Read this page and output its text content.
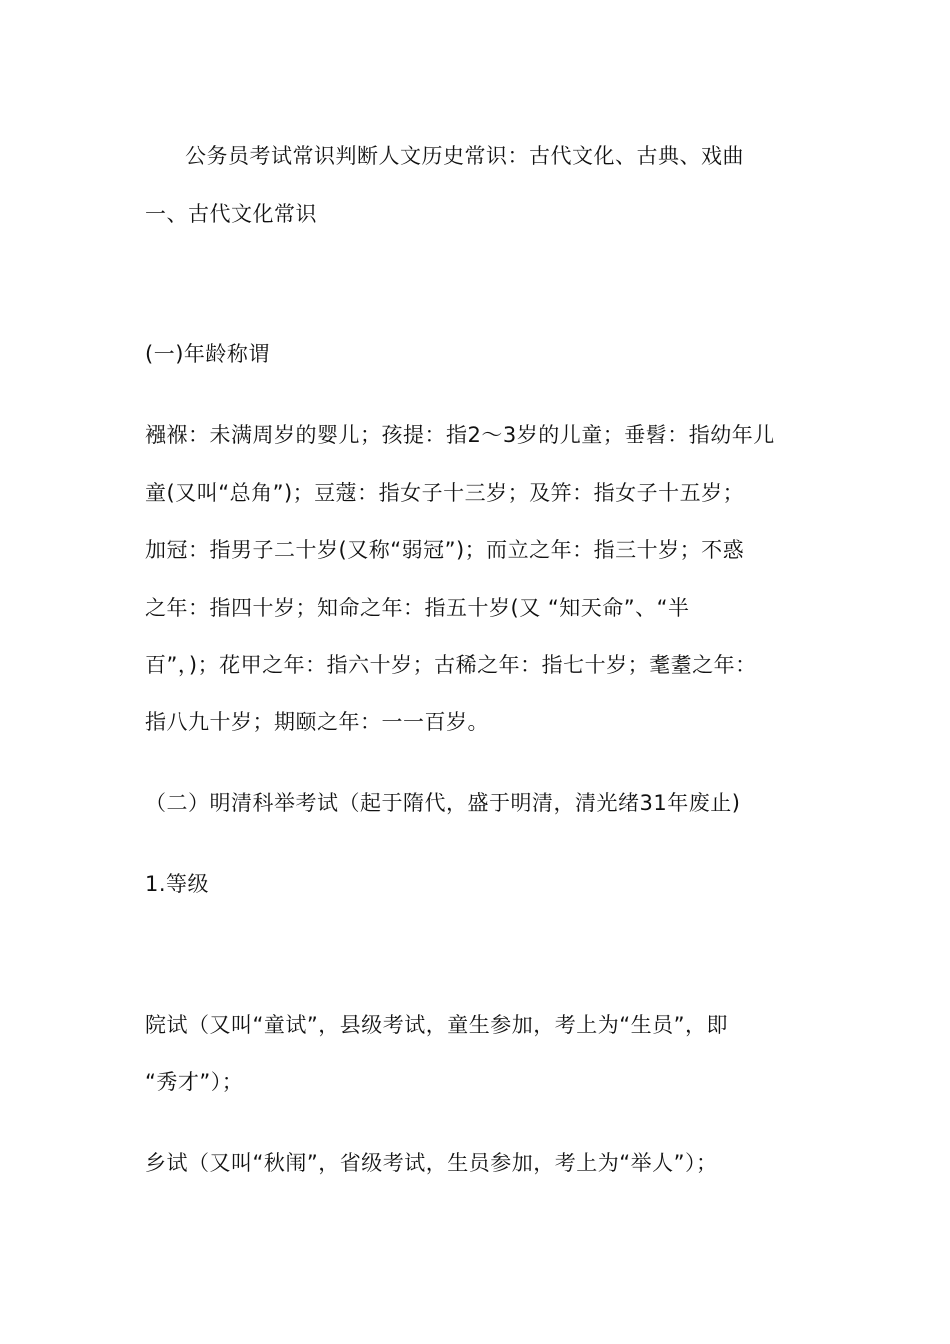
公务员考试常识判断人文历史常识：古代文化、古典、戏曲
一、古代文化常识
(一)年龄称谓
襁褓：未满周岁的婴儿；孩提：指2～3岁的儿童；垂髫：指幼年儿
童(又叫“总角”)；豆蔻：指女子十三岁；及笄：指女子十五岁；
加冠：指男子二十岁(又称“弱冠”)；而立之年：指三十岁；不惑
之年：指四十岁；知命之年：指五十岁(又 “知天命”、“半
百”，)；花甲之年：指六十岁；古稀之年：指七十岁；耄耋之年：
指八九十岁；期颐之年：一一百岁。
（二）明清科举考试（起于隋代，盛于明清，清光绪31年废止)
1.等级
院试（又叫“童试”，县级考试，童生参加，考上为“生员”，即
“秀才”）；
乡试（又叫“秋闱”，省级考试，生员参加，考上为“举人”）；
